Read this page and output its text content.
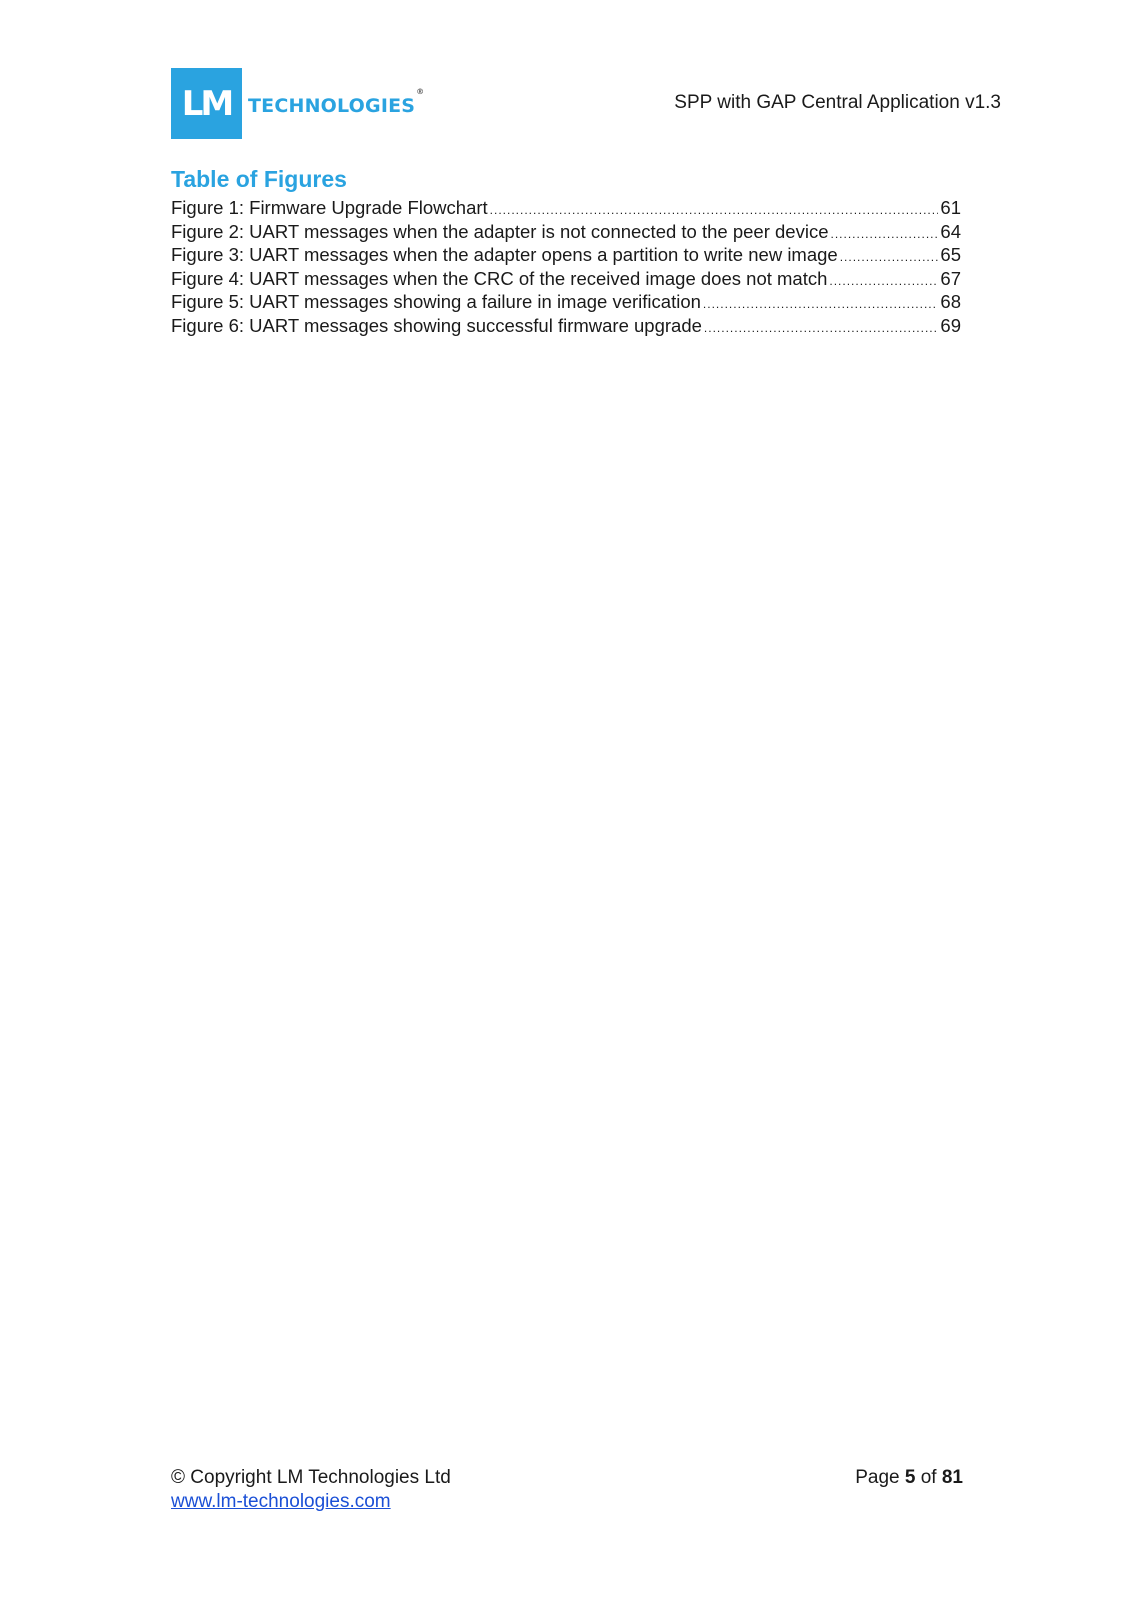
LM TECHNOLOGIES®
SPP with GAP Central Application v1.3
Table of Figures
Figure 1: Firmware Upgrade Flowchart .....	61
Figure 2: UART messages when the adapter is not connected to the peer device .....	64
Figure 3: UART messages when the adapter opens a partition to write new image .....	65
Figure 4: UART messages when the CRC of the received image does not match .....	67
Figure 5: UART messages showing a failure in image verification .....	68
Figure 6: UART messages showing successful firmware upgrade .....	69
© Copyright LM Technologies Ltd	Page 5 of 81
www.lm-technologies.com
